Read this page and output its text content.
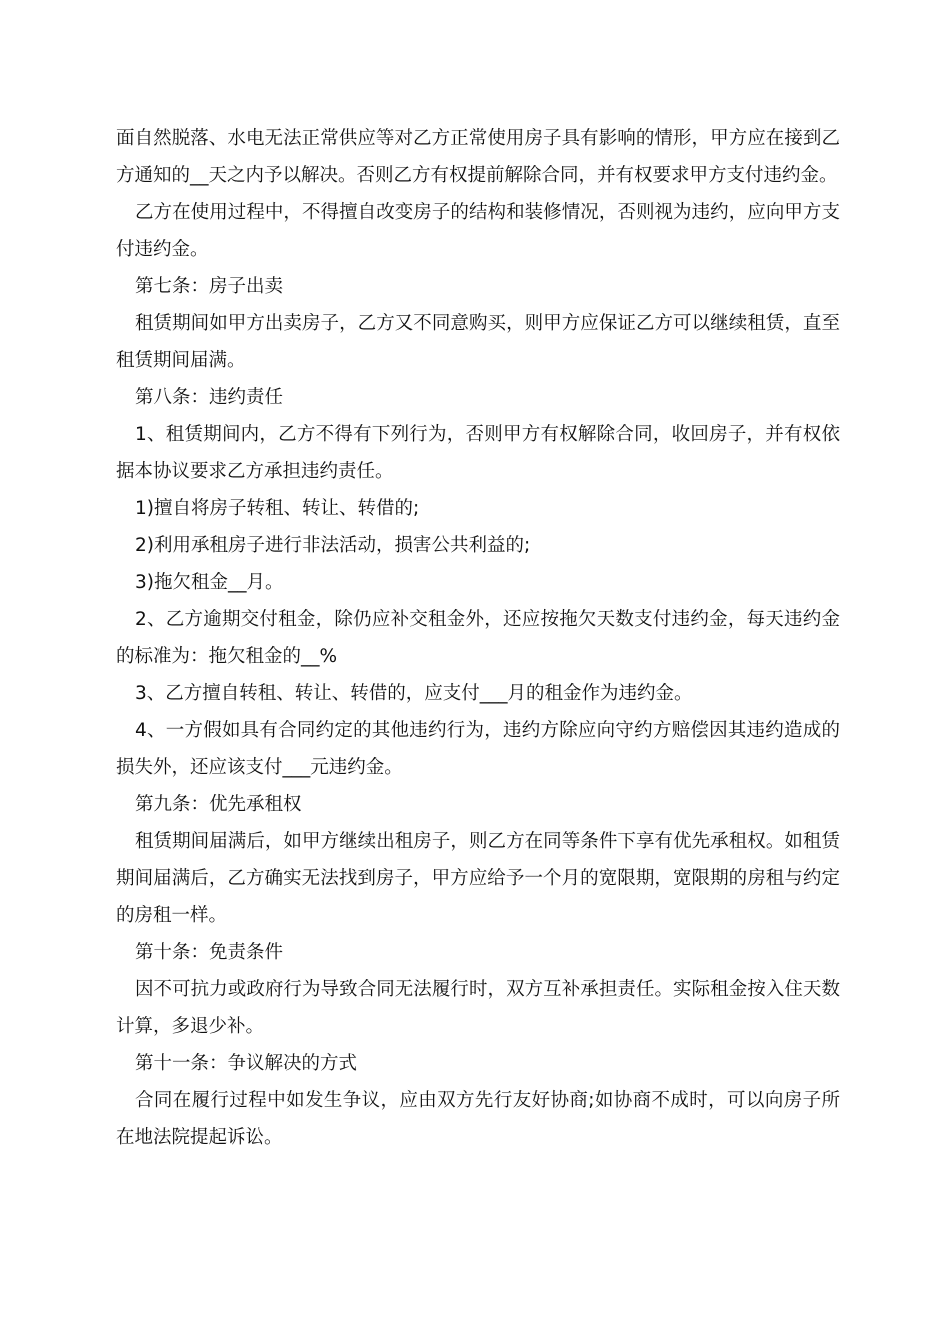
面自然脱落、水电无法正常供应等对乙方正常使用房子具有影响的情形，甲方应在接到乙方通知的__天之内予以解决。否则乙方有权提前解除合同，并有权要求甲方支付违约金。

乙方在使用过程中，不得擅自改变房子的结构和装修情况，否则视为违约，应向甲方支付违约金。

第七条：房子出卖

租赁期间如甲方出卖房子，乙方又不同意购买，则甲方应保证乙方可以继续租赁，直至租赁期间届满。

第八条：违约责任

1、租赁期间内，乙方不得有下列行为，否则甲方有权解除合同，收回房子，并有权依据本协议要求乙方承担违约责任。

1)擅自将房子转租、转让、转借的;

2)利用承租房子进行非法活动，损害公共利益的;

3)拖欠租金__月。

2、乙方逾期交付租金，除仍应补交租金外，还应按拖欠天数支付违约金，每天违约金的标准为：拖欠租金的__%

3、乙方擅自转租、转让、转借的，应支付___月的租金作为违约金。

4、一方假如具有合同约定的其他违约行为，违约方除应向守约方赔偿因其违约造成的损失外，还应该支付___元违约金。

第九条：优先承租权

租赁期间届满后，如甲方继续出租房子，则乙方在同等条件下享有优先承租权。如租赁期间届满后，乙方确实无法找到房子，甲方应给予一个月的宽限期，宽限期的房租与约定的房租一样。

第十条：免责条件

因不可抗力或政府行为导致合同无法履行时，双方互补承担责任。实际租金按入住天数计算，多退少补。

第十一条：争议解决的方式

合同在履行过程中如发生争议，应由双方先行友好协商;如协商不成时，可以向房子所在地法院提起诉讼。
